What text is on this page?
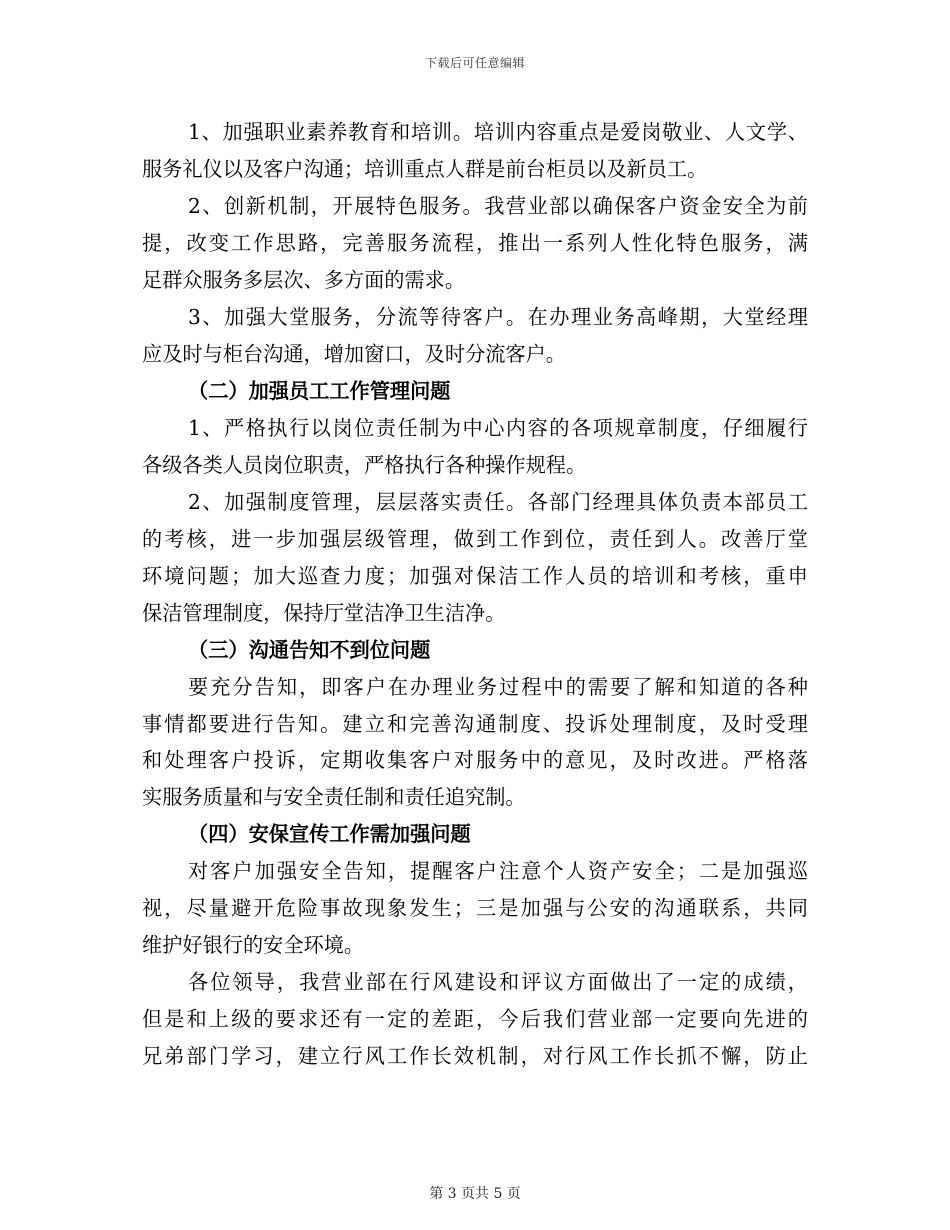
下载后可任意编辑
1、加强职业素养教育和培训。培训内容重点是爱岗敬业、人文学、
服务礼仪以及客户沟通；培训重点人群是前台柜员以及新员工。
2、创新机制，开展特色服务。我营业部以确保客户资金安全为前
提，改变工作思路，完善服务流程，推出一系列人性化特色服务，满
足群众服务多层次、多方面的需求。
3、加强大堂服务，分流等待客户。在办理业务高峰期，大堂经理
应及时与柜台沟通，增加窗口，及时分流客户。
（二）加强员工工作管理问题
1、严格执行以岗位责任制为中心内容的各项规章制度，仔细履行
各级各类人员岗位职责，严格执行各种操作规程。
2、加强制度管理，层层落实责任。各部门经理具体负责本部员工
的考核，进一步加强层级管理，做到工作到位，责任到人。改善厅堂
环境问题；加大巡查力度；加强对保洁工作人员的培训和考核，重申
保洁管理制度，保持厅堂洁净卫生洁净。
（三）沟通告知不到位问题
要充分告知，即客户在办理业务过程中的需要了解和知道的各种
事情都要进行告知。建立和完善沟通制度、投诉处理制度，及时受理
和处理客户投诉，定期收集客户对服务中的意见，及时改进。严格落
实服务质量和与安全责任制和责任追究制。
（四）安保宣传工作需加强问题
对客户加强安全告知，提醒客户注意个人资产安全；二是加强巡
视，尽量避开危险事故现象发生；三是加强与公安的沟通联系，共同
维护好银行的安全环境。
各位领导，我营业部在行风建设和评议方面做出了一定的成绩，
但是和上级的要求还有一定的差距，今后我们营业部一定要向先进的
兄弟部门学习，建立行风工作长效机制，对行风工作长抓不懈，防止
第 3 页共 5 页
